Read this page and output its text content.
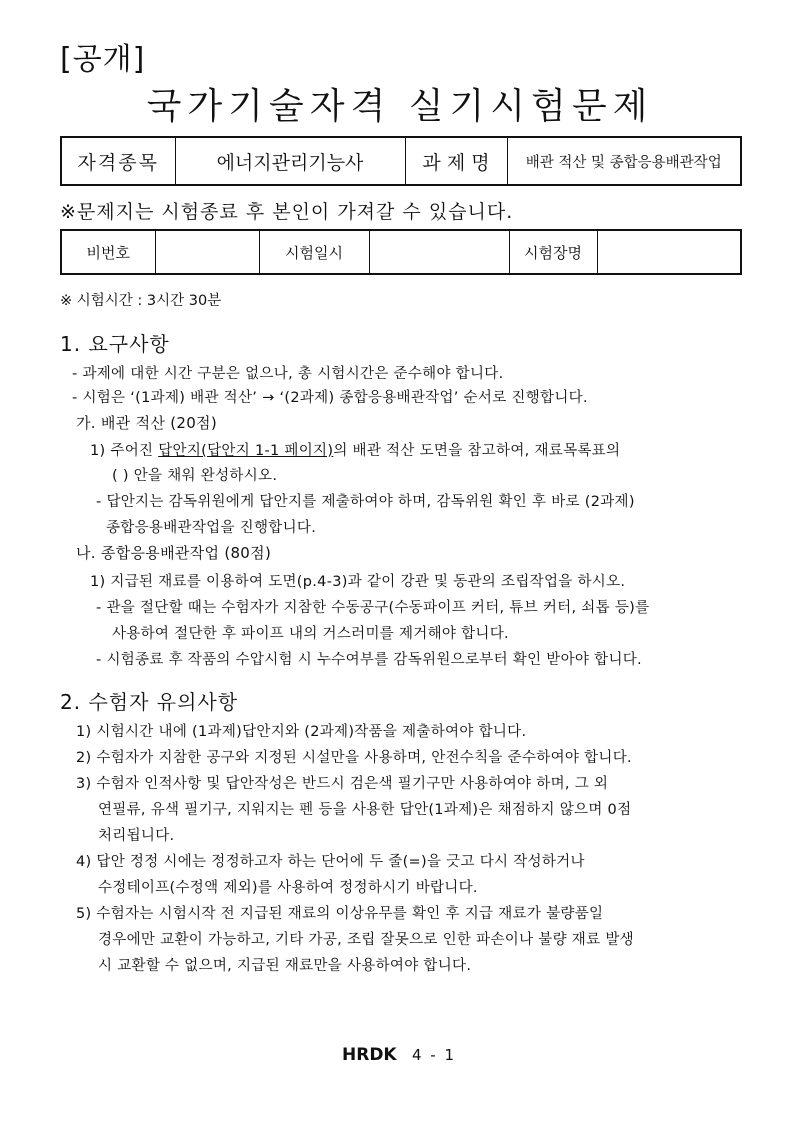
[공개]
국가기술자격 실기시험문제
자격종목	에너지관리기능사	과 제 명	배관 적산 및 종합응용배관작업
※문제지는 시험종료 후 본인이 가져갈 수 있습니다.
비번호		시험일시		시험장명	
※ 시험시간 : 3시간 30분
1. 요구사항
- 과제에 대한 시간 구분은 없으나, 총 시험시간은 준수해야 합니다.
- 시험은 ‘(1과제) 배관 적산’ → ‘(2과제) 종합응용배관작업’ 순서로 진행합니다.
가. 배관 적산 (20점)
1) 주어진 답안지(답안지 1-1 페이지)의 배관 적산 도면을 참고하여, 재료목록표의
( ) 안을 채워 완성하시오.
- 답안지는 감독위원에게 답안지를 제출하여야 하며, 감독위원 확인 후 바로 (2과제)
종합응용배관작업을 진행합니다.
나. 종합응용배관작업 (80점)
1) 지급된 재료를 이용하여 도면(p.4-3)과 같이 강관 및 동관의 조립작업을 하시오.
- 관을 절단할 때는 수험자가 지참한 수동공구(수동파이프 커터, 튜브 커터, 쇠톱 등)를
사용하여 절단한 후 파이프 내의 거스러미를 제거해야 합니다.
- 시험종료 후 작품의 수압시험 시 누수여부를 감독위원으로부터 확인 받아야 합니다.
2. 수험자 유의사항
1) 시험시간 내에 (1과제)답안지와 (2과제)작품을 제출하여야 합니다.
2) 수험자가 지참한 공구와 지정된 시설만을 사용하며, 안전수칙을 준수하여야 합니다.
3) 수험자 인적사항 및 답안작성은 반드시 검은색 필기구만 사용하여야 하며, 그 외
연필류, 유색 필기구, 지워지는 펜 등을 사용한 답안(1과제)은 채점하지 않으며 0점
처리됩니다.
4) 답안 정정 시에는 정정하고자 하는 단어에 두 줄(=)을 긋고 다시 작성하거나
수정테이프(수정액 제외)를 사용하여 정정하시기 바랍니다.
5) 수험자는 시험시작 전 지급된 재료의 이상유무를 확인 후 지급 재료가 불량품일
경우에만 교환이 가능하고, 기타 가공, 조립 잘못으로 인한 파손이나 불량 재료 발생
시 교환할 수 없으며, 지급된 재료만을 사용하여야 합니다.
HRDK 4 - 1
